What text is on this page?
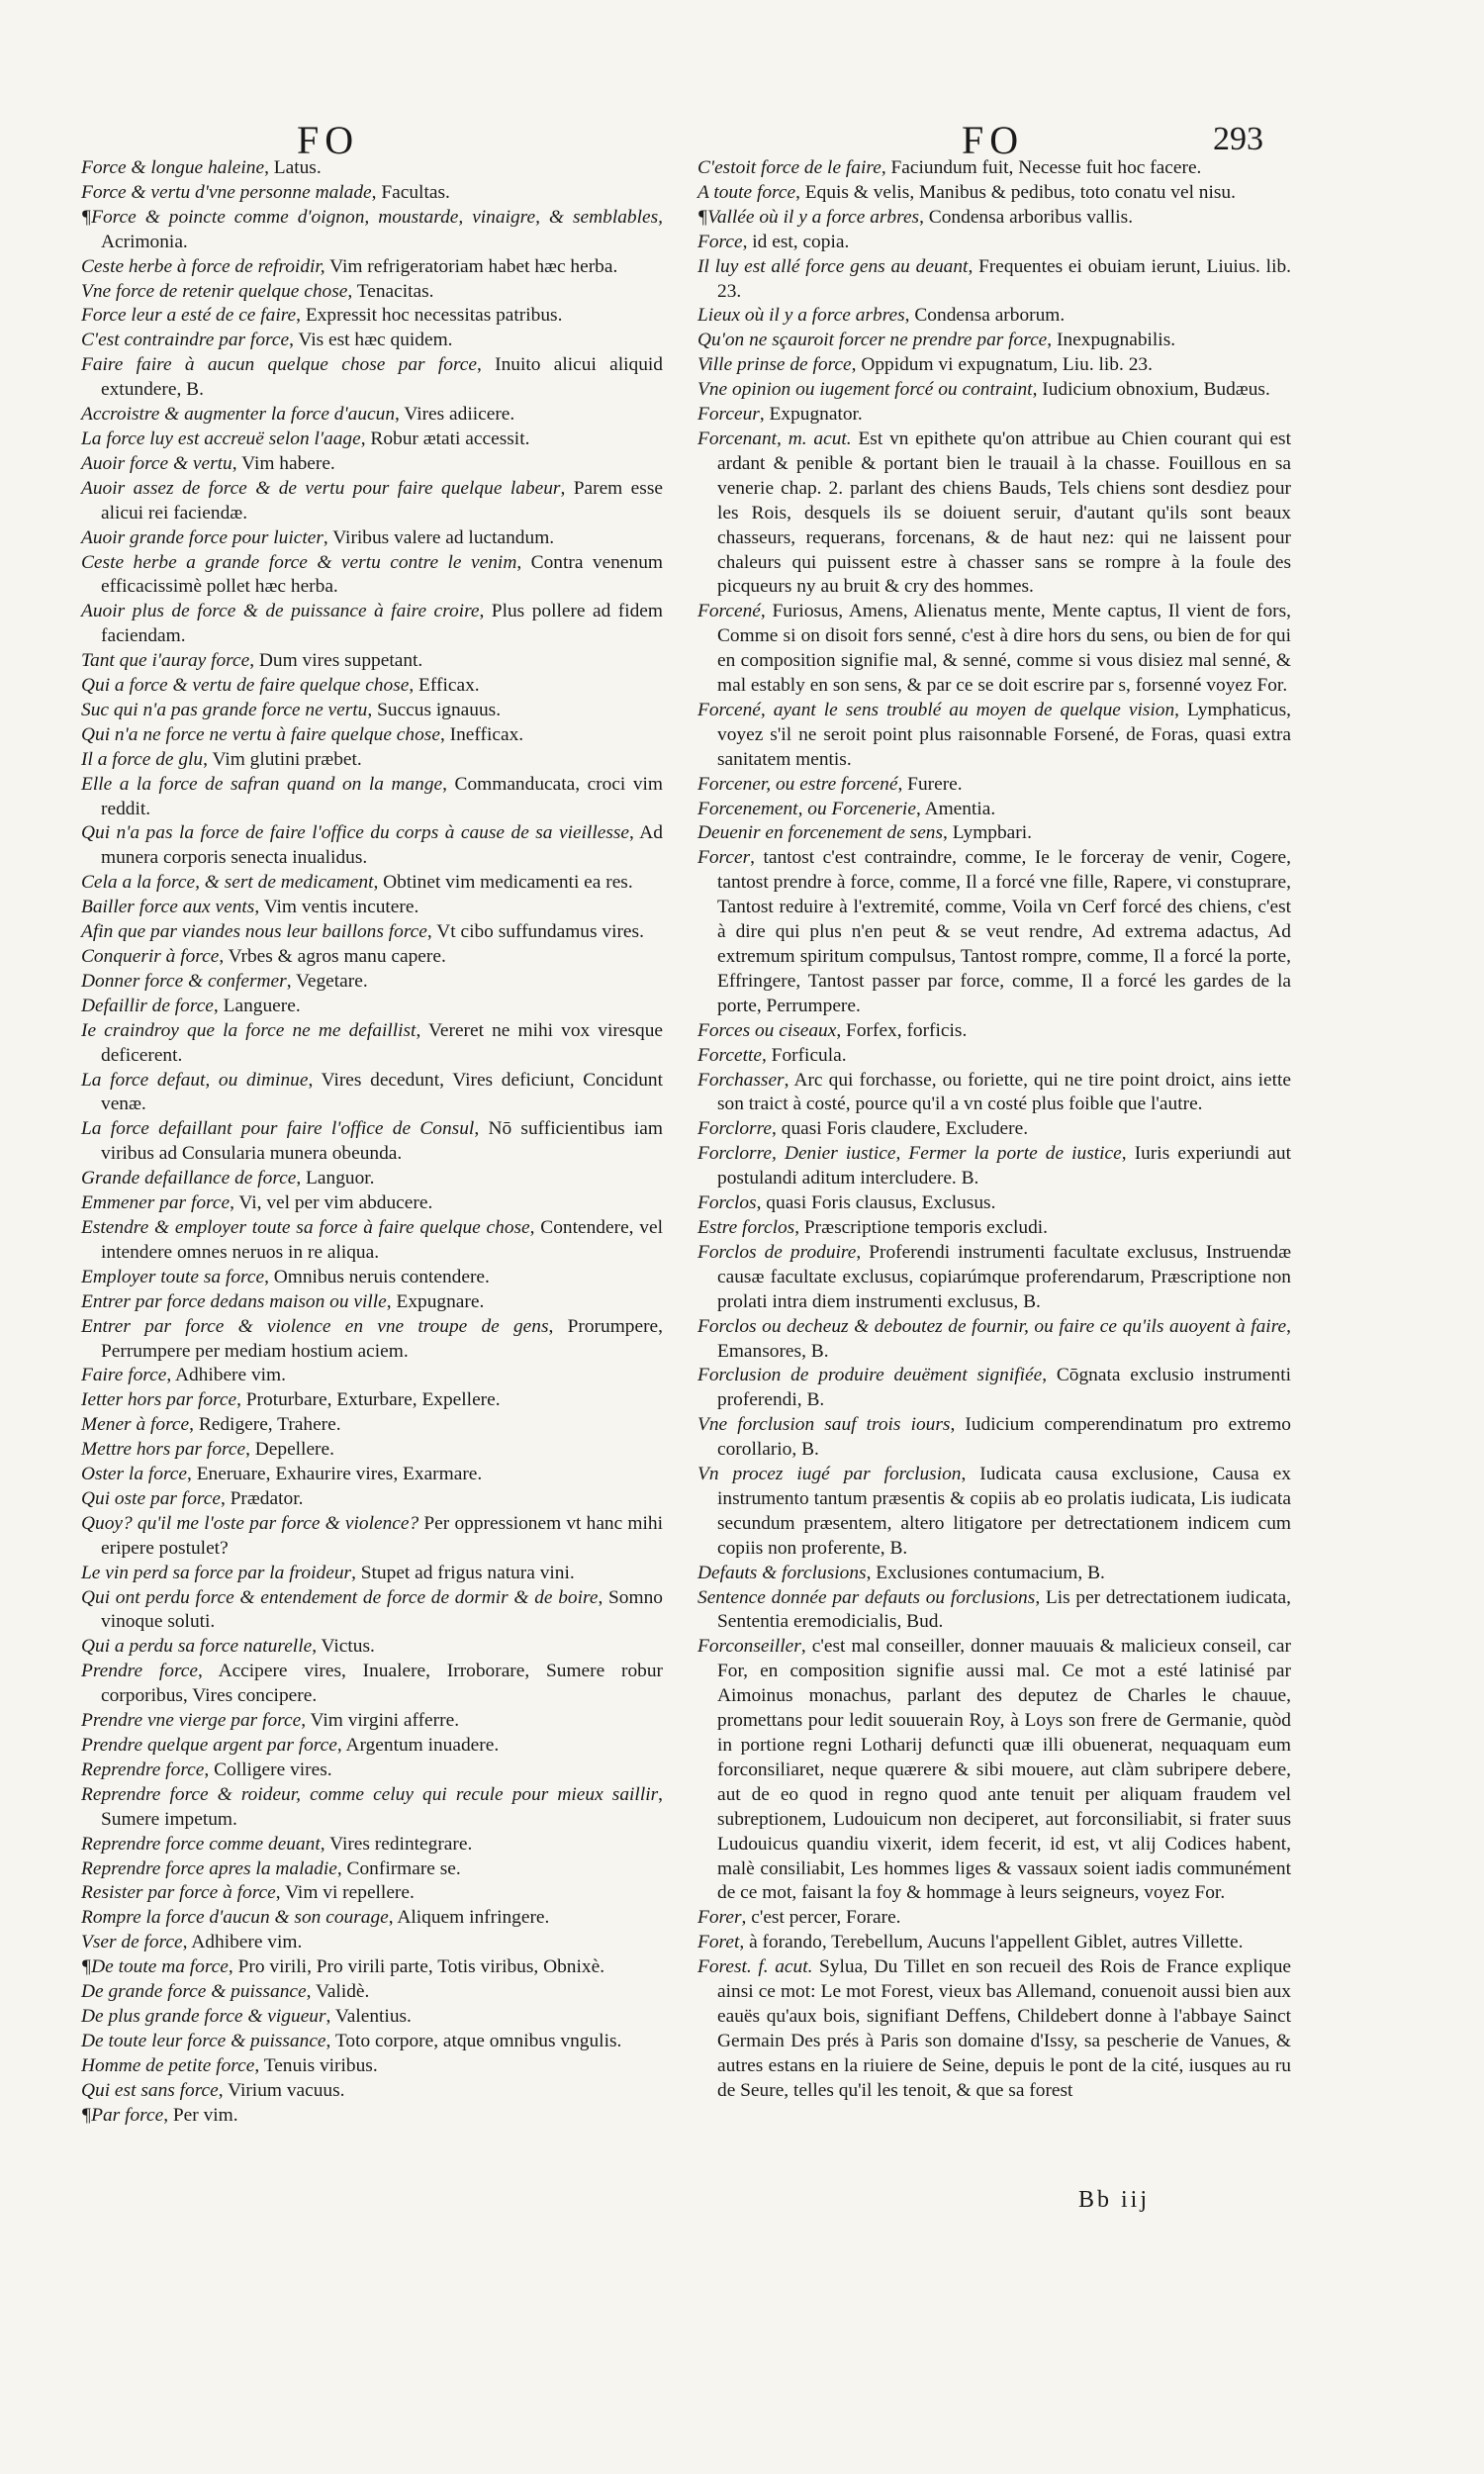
FO	FO	293

Force & longue haleine, Latus.

Force & vertu d'vne personne malade, Facultas.

¶Force & poincte comme d'oignon, moustarde, vinaigre, & semblables, Acrimonia.

Ceste herbe à force de refroidir, Vim refrigeratoriam habet hæc herba.

Vne force de retenir quelque chose, Tenacitas.

Force leur a esté de ce faire, Expressit hoc necessitas patribus.

C'est contraindre par force, Vis est hæc quidem.

Faire faire à aucun quelque chose par force, Inuito alicui aliquid extundere, B.

Accroistre & augmenter la force d'aucun, Vires adiicere.

La force luy est accreuë selon l'aage, Robur ætati accessit.

Auoir force & vertu, Vim habere.

Auoir assez de force & de vertu pour faire quelque labeur, Parem esse alicui rei faciendæ.

Auoir grande force pour luicter, Viribus valere ad luctandum.

Ceste herbe a grande force & vertu contre le venim, Contra venenum efficacissimè pollet hæc herba.

Auoir plus de force & de puissance à faire croire, Plus pollere ad fidem faciendam.

Tant que i'auray force, Dum vires suppetant.

Qui a force & vertu de faire quelque chose, Efficax.

Suc qui n'a pas grande force ne vertu, Succus ignauus.

Qui n'a ne force ne vertu à faire quelque chose, Inefficax.

Il a force de glu, Vim glutini præbet.

Elle a la force de safran quand on la mange, Commanducata, croci vim reddit.

Qui n'a pas la force de faire l'office du corps à cause de sa vieillesse, Ad munera corporis senecta inualidus.

Cela a la force, & sert de medicament, Obtinet vim medicamenti ea res.

Bailler force aux vents, Vim ventis incutere.

Afin que par viandes nous leur baillons force, Vt cibo suffundamus vires.

Conquerir à force, Vrbes & agros manu capere.

Donner force & confermer, Vegetare.

Defaillir de force, Languere.

Ie craindroy que la force ne me defaillist, Vereret ne mihi vox viresque deficerent.

La force defaut, ou diminue, Vires decedunt, Vires deficiunt, Concidunt venæ.

La force defaillant pour faire l'office de Consul, Nō sufficientibus iam viribus ad Consularia munera obeunda.

Grande defaillance de force, Languor.

Emmener par force, Vi, vel per vim abducere.

Estendre & employer toute sa force à faire quelque chose, Contendere, vel intendere omnes neruos in re aliqua.

Employer toute sa force, Omnibus neruis contendere.

Entrer par force dedans maison ou ville, Expugnare.

Entrer par force & violence en vne troupe de gens, Prorumpere, Perrumpere per mediam hostium aciem.

Faire force, Adhibere vim.

Ietter hors par force, Proturbare, Exturbare, Expellere.

Mener à force, Redigere, Trahere.

Mettre hors par force, Depellere.

Oster la force, Eneruare, Exhaurire vires, Exarmare.

Qui oste par force, Prædator.

Quoy? qu'il me l'oste par force & violence? Per oppressionem vt hanc mihi eripere postulet?

Le vin perd sa force par la froideur, Stupet ad frigus natura vini.

Qui ont perdu force & entendement de force de dormir & de boire, Somno vinoque soluti.

Qui a perdu sa force naturelle, Victus.

Prendre force, Accipere vires, Inualere, Irroborare, Sumere robur corporibus, Vires concipere.

Prendre vne vierge par force, Vim virgini afferre.

Prendre quelque argent par force, Argentum inuadere.

Reprendre force, Colligere vires.

Reprendre force & roideur, comme celuy qui recule pour mieux saillir, Sumere impetum.

Reprendre force comme deuant, Vires redintegrare.

Reprendre force apres la maladie, Confirmare se.

Resister par force à force, Vim vi repellere.

Rompre la force d'aucun & son courage, Aliquem infringere.

Vser de force, Adhibere vim.

¶De toute ma force, Pro virili, Pro virili parte, Totis viribus, Obnixè.

De grande force & puissance, Validè.

De plus grande force & vigueur, Valentius.

De toute leur force & puissance, Toto corpore, atque omnibus vngulis.

Homme de petite force, Tenuis viribus.

Qui est sans force, Virium vacuus.

¶Par force, Per vim.

C'estoit force de le faire, Faciundum fuit, Necesse fuit hoc facere.

A toute force, Equis & velis, Manibus & pedibus, toto conatu vel nisu.

¶Vallée où il y a force arbres, Condensa arboribus vallis.

Force, id est, copia.

Il luy est allé force gens au deuant, Frequentes ei obuiam ierunt, Liuius. lib. 23.

Lieux où il y a force arbres, Condensa arborum.

Qu'on ne sçauroit forcer ne prendre par force, Inexpugnabilis.

Ville prinse de force, Oppidum vi expugnatum, Liu. lib. 23.

Vne opinion ou iugement forcé ou contraint, Iudicium obnoxium, Budæus.

Forceur, Expugnator.

Forcenant, m. acut. Est vn epithete qu'on attribue au Chien courant qui est ardant & penible & portant bien le trauail à la chasse. Fouillous en sa venerie chap. 2. parlant des chiens Bauds, Tels chiens sont desdiez pour les Rois, desquels ils se doiuent seruir, d'autant qu'ils sont beaux chasseurs, requerans, forcenans, & de haut nez: qui ne laissent pour chaleurs qui puissent estre à chasser sans se rompre à la foule des picqueurs ny au bruit & cry des hommes.

Forcené, Furiosus, Amens, Alienatus mente, Mente captus, Il vient de fors, Comme si on disoit fors senné, c'est à dire hors du sens, ou bien de for qui en composition signifie mal, & senné, comme si vous disiez mal senné, & mal estably en son sens, & par ce se doit escrire par s, forsenné voyez For.

Forcené, ayant le sens troublé au moyen de quelque vision, Lymphaticus, voyez s'il ne seroit point plus raisonnable Forsené, de Foras, quasi extra sanitatem mentis.

Forcener, ou estre forcené, Furere.

Forcenement, ou Forcenerie, Amentia.

Deuenir en forcenement de sens, Lympbari.

Forcer, tantost c'est contraindre, comme, Ie le forceray de venir, Cogere, tantost prendre à force, comme, Il a forcé vne fille, Rapere, vi constuprare, Tantost reduire à l'extremité, comme, Voila vn Cerf forcé des chiens, c'est à dire qui plus n'en peut & se veut rendre, Ad extrema adactus, Ad extremum spiritum compulsus, Tantost rompre, comme, Il a forcé la porte, Effringere, Tantost passer par force, comme, Il a forcé les gardes de la porte, Perrumpere.

Forces ou ciseaux, Forfex, forficis.

Forcette, Forficula.

Forchasser, Arc qui forchasse, ou foriette, qui ne tire point droict, ains iette son traict à costé, pource qu'il a vn costé plus foible que l'autre.

Forclorre, quasi Foris claudere, Excludere.

Forclorre, Denier iustice, Fermer la porte de iustice, Iuris experiundi aut postulandi aditum intercludere. B.

Forclos, quasi Foris clausus, Exclusus.

Estre forclos, Præscriptione temporis excludi.

Forclos de produire, Proferendi instrumenti facultate exclusus, Instruendæ causæ facultate exclusus, copiarúmque proferendarum, Præscriptione non prolati intra diem instrumenti exclusus, B.

Forclos ou decheuz & deboutez de fournir, ou faire ce qu'ils auoyent à faire, Emansores, B.

Forclusion de produire deuëment signifiée, Cōgnata exclusio instrumenti proferendi, B.

Vne forclusion sauf trois iours, Iudicium comperendinatum pro extremo corollario, B.

Vn procez iugé par forclusion, Iudicata causa exclusione, Causa ex instrumento tantum præsentis & copiis ab eo prolatis iudicata, Lis iudicata secundum præsentem, altero litigatore per detrectationem indicem cum copiis non proferente, B.

Defauts & forclusions, Exclusiones contumacium, B.

Sentence donnée par defauts ou forclusions, Lis per detrectationem iudicata, Sententia eremodicialis, Bud.

Forconseiller, c'est mal conseiller, donner mauuais & malicieux conseil, car For, en composition signifie aussi mal. Ce mot a esté latinisé par Aimoinus monachus, parlant des deputez de Charles le chauue, promettans pour ledit souuerain Roy, à Loys son frere de Germanie, quòd in portione regni Lotharij defuncti quæ illi obuenerat, nequaquam eum forconsiliaret, neque quærere & sibi mouere, aut clàm subripere debere, aut de eo quod in regno quod ante tenuit per aliquam fraudem vel subreptionem, Ludouicum non deciperet, aut forconsiliabit, si frater suus Ludouicus quandiu vixerit, idem fecerit, id est, vt alij Codices habent, malè consiliabit, Les hommes liges & vassaux soient iadis communément de ce mot, faisant la foy & hommage à leurs seigneurs, voyez For.

Forer, c'est percer, Forare.

Foret, à forando, Terebellum, Aucuns l'appellent Giblet, autres Villette.

Forest. f. acut. Sylua, Du Tillet en son recueil des Rois de France explique ainsi ce mot: Le mot Forest, vieux bas Allemand, conuenoit aussi bien aux eauës qu'aux bois, signifiant Deffens, Childebert donne à l'abbaye Sainct Germain Des prés à Paris son domaine d'Issy, sa pescherie de Vanues, & autres estans en la riuiere de Seine, depuis le pont de la cité, iusques au ru de Seure, telles qu'il les tenoit, & que sa forest

Bb iij
